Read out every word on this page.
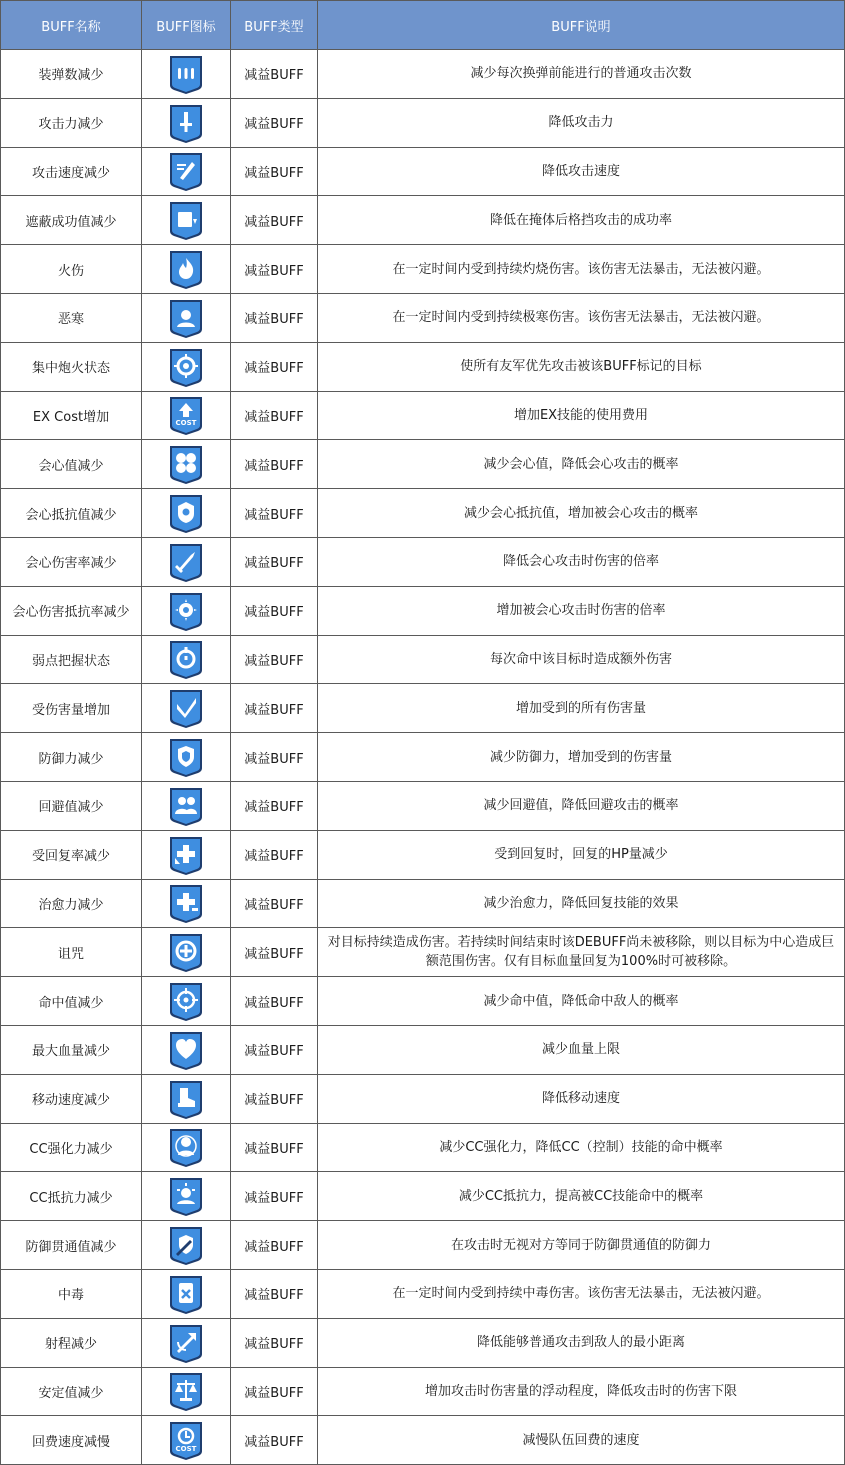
BUFF名称	BUFF图标	BUFF类型	BUFF说明
装弹数减少		减益BUFF	减少每次换弹前能进行的普通攻击次数
攻击力减少		减益BUFF	降低攻击力
攻击速度减少		减益BUFF	降低攻击速度
遮蔽成功值减少		减益BUFF	降低在掩体后格挡攻击的成功率
火伤		减益BUFF	在一定时间内受到持续灼烧伤害。该伤害无法暴击，无法被闪避。
恶寒		减益BUFF	在一定时间内受到持续极寒伤害。该伤害无法暴击，无法被闪避。
集中炮火状态		减益BUFF	使所有友军优先攻击被该BUFF标记的目标
EX Cost增加	COST	减益BUFF	增加EX技能的使用费用
会心值减少		减益BUFF	减少会心值，降低会心攻击的概率
会心抵抗值减少		减益BUFF	减少会心抵抗值，增加被会心攻击的概率
会心伤害率减少		减益BUFF	降低会心攻击时伤害的倍率
会心伤害抵抗率减少		减益BUFF	增加被会心攻击时伤害的倍率
弱点把握状态		减益BUFF	每次命中该目标时造成额外伤害
受伤害量增加		减益BUFF	增加受到的所有伤害量
防御力减少		减益BUFF	减少防御力，增加受到的伤害量
回避值减少		减益BUFF	减少回避值，降低回避攻击的概率
受回复率减少		减益BUFF	受到回复时，回复的HP量减少
治愈力减少		减益BUFF	减少治愈力，降低回复技能的效果
诅咒		减益BUFF	对目标持续造成伤害。若持续时间结束时该DEBUFF尚未被移除，则以目标为中心造成巨额范围伤害。仅有目标血量回复为100%时可被移除。
命中值减少		减益BUFF	减少命中值，降低命中敌人的概率
最大血量减少		减益BUFF	减少血量上限
移动速度减少		减益BUFF	降低移动速度
CC强化力减少		减益BUFF	减少CC强化力，降低CC（控制）技能的命中概率
CC抵抗力减少		减益BUFF	减少CC抵抗力，提高被CC技能命中的概率
防御贯通值减少		减益BUFF	在攻击时无视对方等同于防御贯通值的防御力
中毒		减益BUFF	在一定时间内受到持续中毒伤害。该伤害无法暴击，无法被闪避。
射程减少		减益BUFF	降低能够普通攻击到敌人的最小距离
安定值减少		减益BUFF	增加攻击时伤害量的浮动程度，降低攻击时的伤害下限
回费速度减慢	COST	减益BUFF	减慢队伍回费的速度
